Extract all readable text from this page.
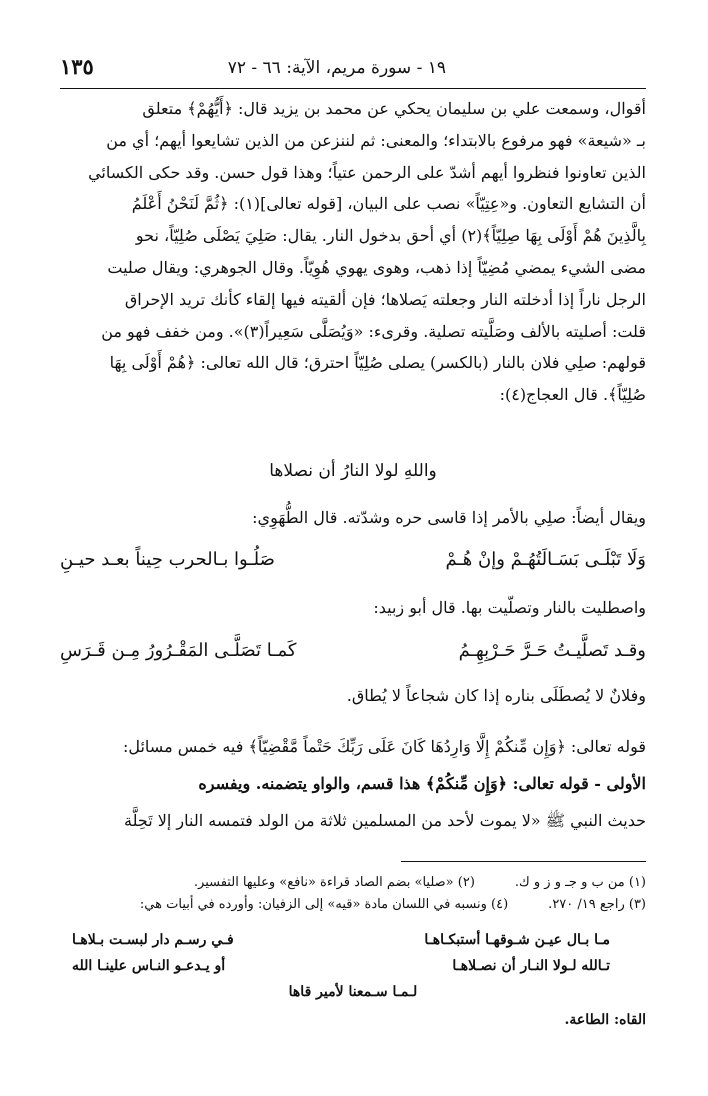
١٩ - سورة مريم، الآية: ٦٦ - ٧٢
١٣٥

أقوال، وسمعت علي بن سليمان يحكي عن محمد بن يزيد قال: ﴿أَيُّهُمْ﴾ متعلق

بـ «شيعة» فهو مرفوع بالابتداء؛ والمعنى: ثم لننزعن من الذين تشايعوا أيهم؛ أي من

الذين تعاونوا فنظروا أيهم أشدّ على الرحمن عتياً؛ وهذا قول حسن. وقد حكى الكسائي

أن التشايع التعاون. و«عِتِيّاً» نصب على البيان، [قوله تعالى](١): ﴿ثُمَّ لَنَحْنُ أَعْلَمُ

بِالَّذِينَ هُمْ أَوْلَى بِهَا صِلِيّاً﴾(٢) أي أحق بدخول النار. يقال: صَلِيَ يَصْلَى صُلِيّاً، نحو

مضى الشيء يمضي مُضِيّاً إذا ذهب، وهوى يهوي هُوِيّاً. وقال الجوهري: ويقال صليت

الرجل ناراً إذا أدخلته النار وجعلته يَصلاها؛ فإن ألقيته فيها إلقاء كأنك تريد الإحراق

قلت: أصليته بالألف وصَلَّيته تصلية. وقرىء: «وَيُصَلَّى سَعِيراً(٣)». ومن خفف فهو من

قولهم: صلِي فلان بالنار (بالكسر) يصلى صُلِيّاً احترق؛ قال الله تعالى: ﴿هُمْ أَوْلَى بِهَا

صُلِيّاً﴾. قال العجاج(٤):

واللهِ لولا النارُ أن نصلاها
ويقال أيضاً: صلِي بالأمر إذا قاسى حره وشدّته. قال الطُّهَوِي:
وَلَا تَبْلَـى بَسَـالَتُهُـمْ وإنْ هُـمْ
صَلُـوا بـالحرب حِيناً بعـد حيـنِ
واصطليت بالنار وتصلّيت بها. قال أبو زبيد:
وقـد تَصلَّيـتُ حَـرَّ حَـرْبِهِـمُ
كَمـا تَصَلَّـى المَقْـرُورُ مِـن قَـرَسِ
وفلانٌ لا يُصطَلَى بناره إذا كان شجاعاً لا يُطاق.

قوله تعالى: ﴿وَإِن مِّنكُمْ إِلَّا وَارِدُهَا كَانَ عَلَى رَبِّكَ حَتْماً مَّقْضِيّاً﴾ فيه خمس مسائل:

الأولى - قوله تعالى: ﴿وَإِن مِّنكُمْ﴾ هذا قسم، والواو يتضمنه. ويفسره

حديث النبي ﷺ «لا يموت لأحد من المسلمين ثلاثة من الولد فتمسه النار إلا تَحِلَّة

(١) من ب و جـ و ز و ك.
(٢) «صليا» بضم الصاد قراءة «نافع» وعليها التفسير.
(٣) راجع ١٩/ ٢٧٠.
(٤) ونسبه في اللسان مادة «قيه» إلى الزفيان: وأورده في أبيات هي:
مـا بـال عيـن شـوقهـا أستبكـاهـا
فـي رسـم دار لبسـت بـلاهـا
تـالله لـولا النـار أن نصـلاهـا
أو يـدعـو النـاس علينـا الله
لـمـا سـمعنا لأمير قاها
القاه: الطاعة.
